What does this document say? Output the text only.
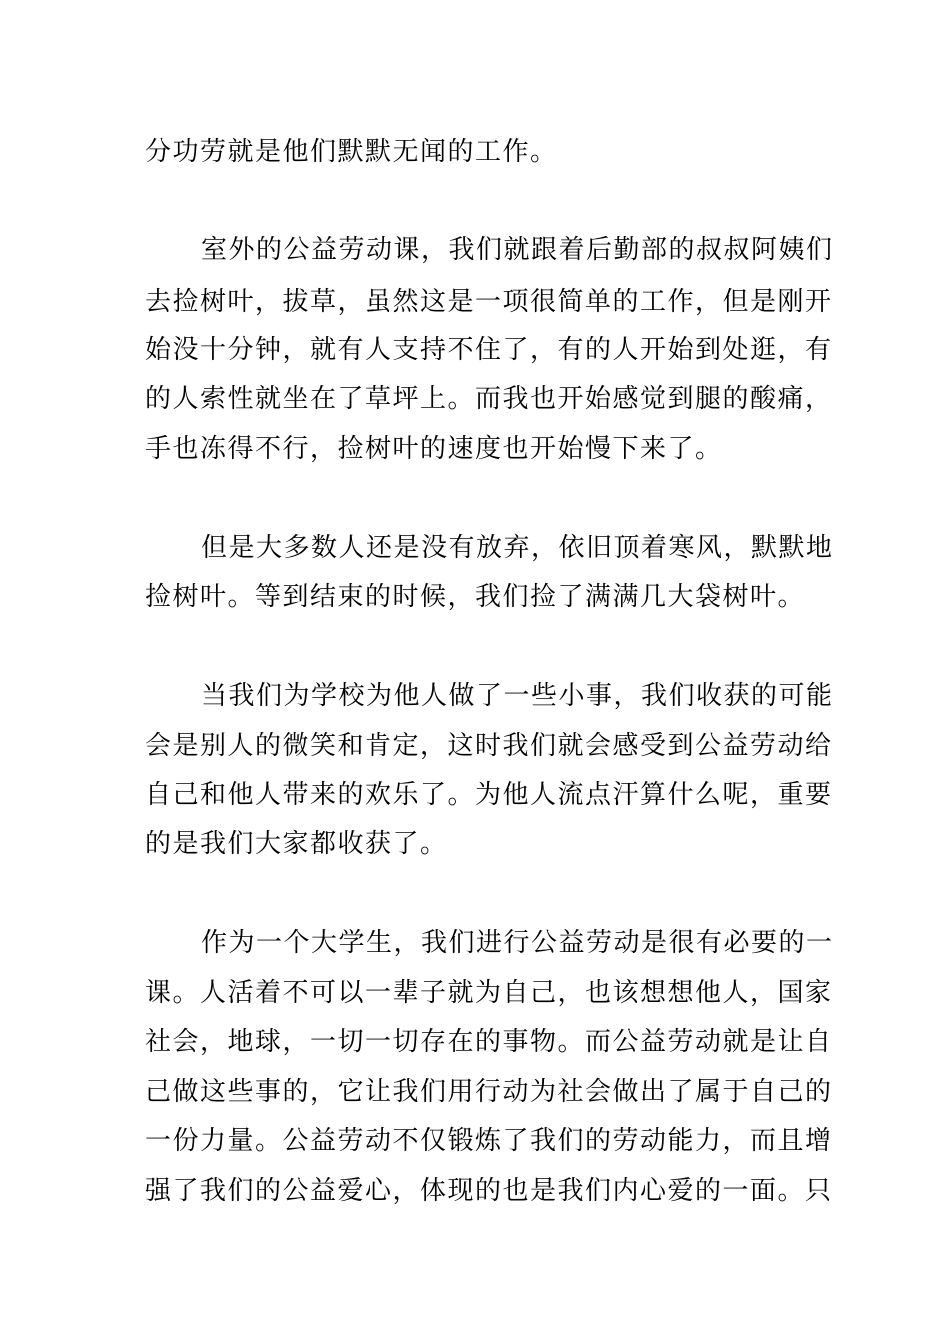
分功劳就是他们默默无闻的工作。
室外的公益劳动课，我们就跟着后勤部的叔叔阿姨们
去捡树叶，拔草，虽然这是一项很简单的工作，但是刚开
始没十分钟，就有人支持不住了，有的人开始到处逛，有
的人索性就坐在了草坪上。而我也开始感觉到腿的酸痛，
手也冻得不行，捡树叶的速度也开始慢下来了。
但是大多数人还是没有放弃，依旧顶着寒风，默默地
捡树叶。等到结束的时候，我们捡了满满几大袋树叶。
当我们为学校为他人做了一些小事，我们收获的可能
会是别人的微笑和肯定，这时我们就会感受到公益劳动给
自己和他人带来的欢乐了。为他人流点汗算什么呢，重要
的是我们大家都收获了。
作为一个大学生，我们进行公益劳动是很有必要的一
课。人活着不可以一辈子就为自己，也该想想他人，国家
社会，地球，一切一切存在的事物。而公益劳动就是让自
己做这些事的，它让我们用行动为社会做出了属于自己的
一份力量。公益劳动不仅锻炼了我们的劳动能力，而且增
强了我们的公益爱心，体现的也是我们内心爱的一面。只
